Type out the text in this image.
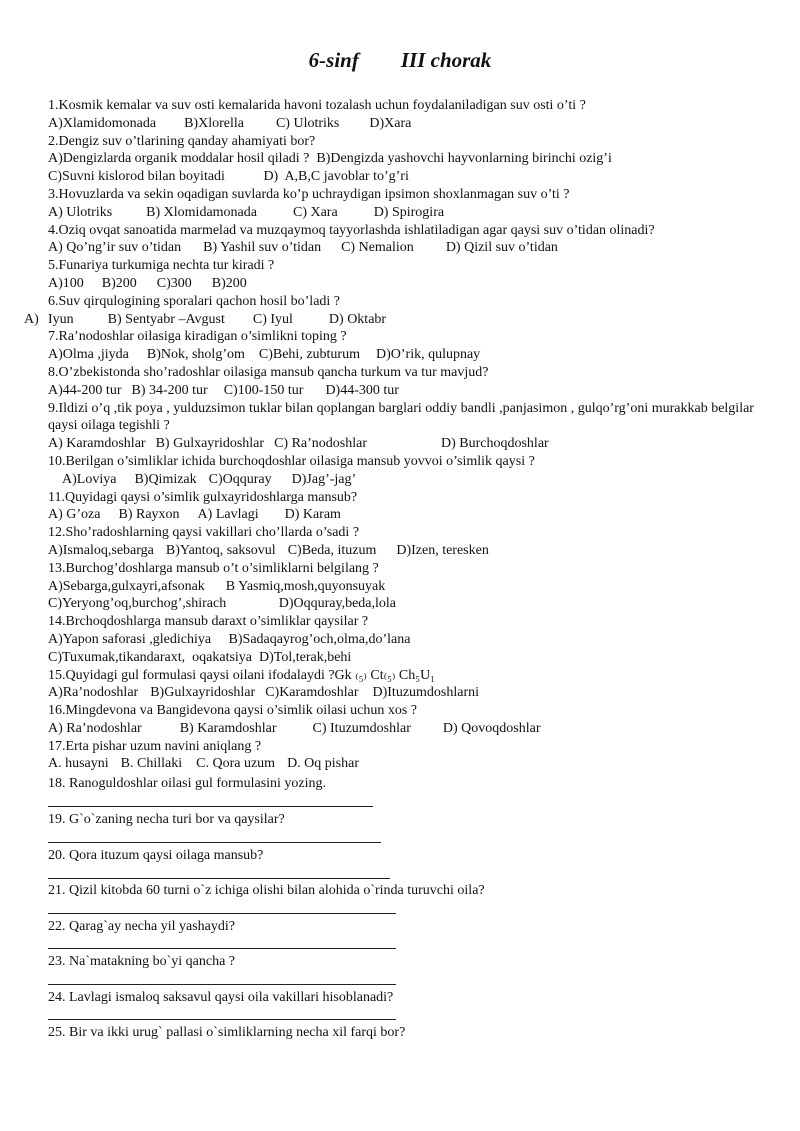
6-sinf III chorak
1.Kosmik kemalar va suv osti kemalarida havoni tozalash uchun foydalaniladigan suv osti o’ti ?
A)Xlamidomonada B)Xlorella C) Ulotriks D)Xara
2.Dengiz suv o’tlarining qanday ahamiyati bor?
A)Dengizlarda organik moddalar hosil qiladi ?  B)Dengizda yashovchi hayvonlarning birinchi ozig’i
C)Suvni kislorod bilan boyitadi           D)  A,B,C javoblar to’g’ri
3.Hovuzlarda va sekin oqadigan suvlarda ko’p uchraydigan ipsimon shoxlanmagan suv o’ti ?
A) Ulotriks B) Xlomidamonada	C) Xara	D) Spirogira
4.Oziq ovqat sanoatida marmelad va muzqaymoq tayyorlashda ishlatiladigan agar qaysi suv o’tidan olinadi?
A) Qo’ng’ir suv o’tidan B) Yashil suv o’tidan C) Nemalion D) Qizil suv o’tidan
5.Funariya turkumiga nechta tur kiradi ?
A)100 B)200 C)300 B)200
6.Suv qirqulogining sporalari qachon hosil bo’ladi ?
A) Iyun B) Sentyabr –Avgust C) Iyul	D) Oktabr
7.Ra’nodoshlar oilasiga kiradigan o’simlikni toping ?
A)Olma ,jiyda B)Nok, sholg’om C)Behi, zubturum D)O’rik, qulupnay
8.O’zbekistonda sho’radoshlar oilasiga mansub qancha turkum va tur mavjud?
A)44-200 tur B) 34-200 tur C)100-150 tur D)44-300 tur
9.Ildizi o’q ,tik poya , yulduzsimon tuklar bilan qoplangan barglari oddiy bandli ,panjasimon , gulqo’rg’oni murakkab belgilar qaysi oilaga tegishli ?
A) Karamdoshlar B) Gulxayridoshlar C) Ra’nodoshlar	D) Burchoqdoshlar
10.Berilgan o’simliklar ichida burchoqdoshlar oilasiga mansub yovvoi o’simlik qaysi ?
A)Loviya B)Qimizak C)Oqquray D)Jag’-jag’
11.Quyidagi qaysi o’simlik gulxayridoshlarga mansub?
A) G’oza B) Rayxon A) Lavlagi D) Karam
12.Sho’radoshlarning qaysi vakillari cho’llarda o’sadi ?
A)Ismaloq,sebarga B)Yantoq, saksovul C)Beda, ituzum D)Izen, teresken
13.Burchog’doshlarga mansub o’t o’simliklarni belgilang ?
A)Sebarga,gulxayri,afsonak      B Yasmiq,mosh,quyonsuyak
C)Yeryong’oq,burchog’,shirach               D)Oqquray,beda,lola
14.Brchoqdoshlarga mansub daraxt o’simliklar qaysilar ?
A)Yapon saforasi ,gledichiya     B)Sadaqayrog’och,olma,do’lana
C)Tuxumak,tikandaraxt,  oqakatsiya  D)Tol,terak,behi
15.Quyidagi gul formulasi qaysi oilani ifodalaydi ?Gk ₍₅₎ Ct₍₅₎ Ch₅U₁
A)Ra’nodoshlar B)Gulxayridoshlar C)Karamdoshlar D)Ituzumdoshlarni
16.Mingdevona va Bangidevona qaysi o’simlik oilasi uchun xos ?
A) Ra’nodoshlar	B) Karamdoshlar	C) Ituzumdoshlar D) Qovoqdoshlar
17.Erta pishar uzum navini aniqlang ?
A. husayni B. Chillaki C. Qora uzum D. Oq pishar
18. Ranoguldoshlar oilasi gul formulasini yozing.
19. G`o`zaning necha turi bor va qaysilar?
20. Qora ituzum qaysi oilaga mansub?
21. Qizil kitobda 60 turni o`z ichiga olishi bilan alohida o`rinda turuvchi oila?
22. Qarag`ay necha yil yashaydi?
23. Na`matakning bo`yi qancha ?
24. Lavlagi ismaloq saksavul qaysi oila vakillari hisoblanadi?
25. Bir va ikki urug` pallasi o`simliklarning necha xil farqi bor?
